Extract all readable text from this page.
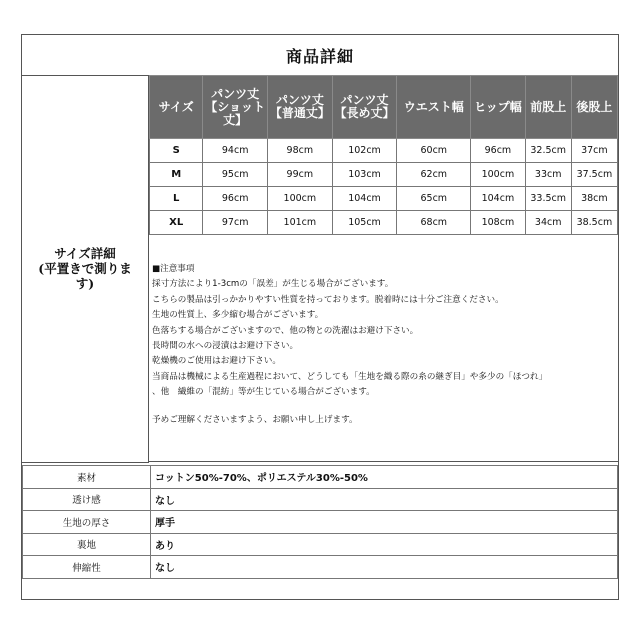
商品詳細
サイズ詳細
(平置きで測りま
す)
サイズ	パンツ丈【ショット丈】	パンツ丈【普通丈】	パンツ丈【長め丈】	ウエスト幅	ヒップ幅	前股上	後股上
S	94cm	98cm	102cm	60cm	96cm	32.5cm	37cm
M	95cm	99cm	103cm	62cm	100cm	33cm	37.5cm
L	96cm	100cm	104cm	65cm	104cm	33.5cm	38cm
XL	97cm	101cm	105cm	68cm	108cm	34cm	38.5cm
■注意事項
採寸方法により1-3cmの「誤差」が生じる場合がございます。
こちらの製品は引っかかりやすい性質を持っております。脱着時には十分ご注意ください。
生地の性質上、多少縮む場合がございます。
色落ちする場合がございますので、他の物との洗濯はお避け下さい。
長時間の水への浸漬はお避け下さい。
乾燥機のご使用はお避け下さい。
当商品は機械による生産過程において、どうしても「生地を織る際の糸の継ぎ目」や多少の「ほつれ」
、他　繊維の「混紡」等が生じている場合がございます。
予めご理解くださいますよう、お願い申し上げます。
素材	コットン50%-70%、ポリエステル30%-50%
透け感	なし
生地の厚さ	厚手
裏地	あり
伸縮性	なし
